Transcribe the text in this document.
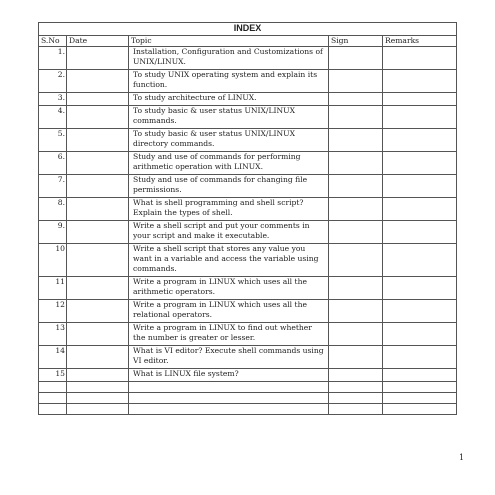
INDEX				
S.No	Date	Topic	Sign	Remarks
1.		Installation, Configuration and Customizations of UNIX/LINUX.		
2.		To study UNIX operating system and explain its function.		
3.		To study architecture of LINUX.		
4.		To study basic & user status UNIX/LINUX commands.		
5.		To study basic & user status UNIX/LINUX directory commands.		
6.		Study and use of commands for performing arithmetic operation with LINUX.		
7.		Study and use of commands for changing file permissions.		
8.		What is shell programming and shell script? Explain the types of shell.		
9.		Write a shell script and put your comments in your script and make it executable.		
10		Write a shell script that stores any value you want in a variable and access the variable using commands.		
11		Write a program in LINUX which uses all the arithmetic operators.		
12		Write a program in LINUX which uses all the relational operators.		
13		Write a program in LINUX to find out whether the number is greater or lesser.		
14		What is VI editor? Execute shell commands using VI editor.		
15		What is LINUX file system?		

1
